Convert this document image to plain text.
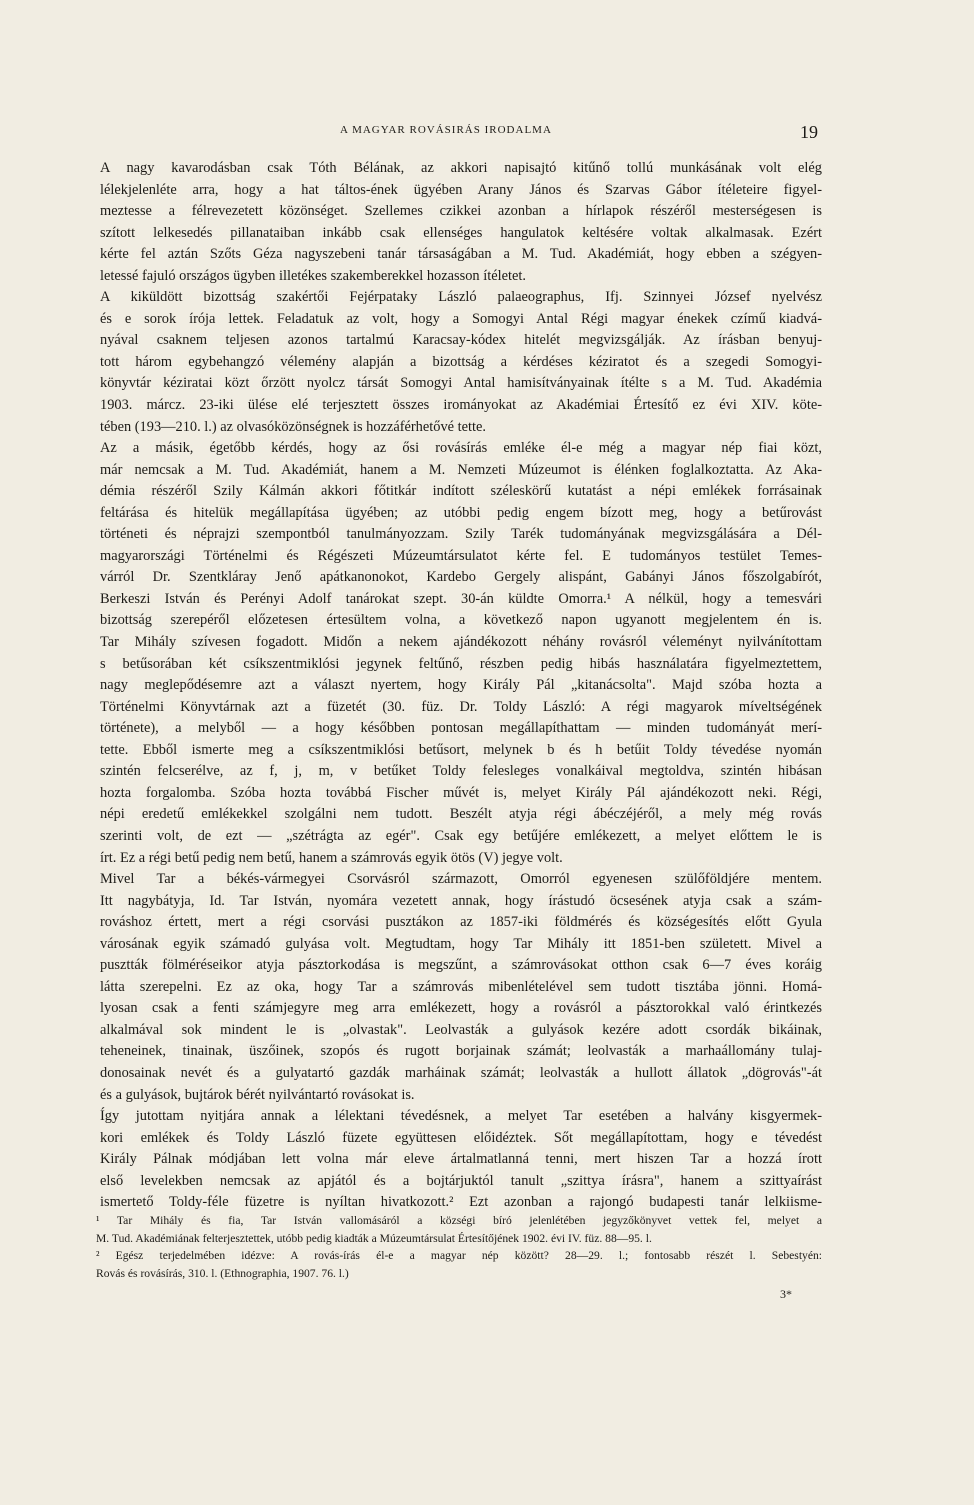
A MAGYAR ROVÁSIRÁS IRODALMA	19

A nagy kavarodásban csak Tóth Bélának, az akkori napisajtó kitűnő tollú munkásának volt elég
lélekjelenléte arra, hogy a hat táltos-ének ügyében Arany János és Szarvas Gábor ítéleteire figyel-
meztesse a félrevezetett közönséget. Szellemes czikkei azonban a hírlapok részéről mesterségesen is
szított lelkesedés pillanataiban inkább csak ellenséges hangulatok keltésére voltak alkalmasak. Ezért
kérte fel aztán Szőts Géza nagyszebeni tanár társaságában a M. Tud. Akadémiát, hogy ebben a szégyen-
letessé fajuló országos ügyben illetékes szakemberekkel hozasson ítéletet.

A kiküldött bizottság szakértői Fejérpataky László palaeographus, Ifj. Szinnyei József nyelvész
és e sorok írója lettek. Feladatuk az volt, hogy a Somogyi Antal Régi magyar énekek czímű kiadvá-
nyával csaknem teljesen azonos tartalmú Karacsay-kódex hitelét megvizsgálják. Az írásban benyuj-
tott három egybehangzó vélemény alapján a bizottság a kérdéses kéziratot és a szegedi Somogyi-
könyvtár kéziratai közt őrzött nyolcz társát Somogyi Antal hamisítványainak ítélte s a M. Tud. Akadémia
1903. márcz. 23-iki ülése elé terjesztett összes irományokat az Akadémiai Értesítő ez évi XIV. köte-
tében (193—210. l.) az olvasóközönségnek is hozzáférhetővé tette.

Az a másik, égetőbb kérdés, hogy az ősi rovásírás emléke él-e még a magyar nép fiai közt,
már nemcsak a M. Tud. Akadémiát, hanem a M. Nemzeti Múzeumot is élénken foglalkoztatta. Az Aka-
démia részéről Szily Kálmán akkori főtitkár indított széleskörű kutatást a népi emlékek forrásainak
feltárása és hitelük megállapítása ügyében; az utóbbi pedig engem bízott meg, hogy a betűrovást
történeti és néprajzi szempontból tanulmányozzam. Szily Tarék tudományának megvizsgálására a Dél-
magyarországi Történelmi és Régészeti Múzeumtársulatot kérte fel. E tudományos testület Temes-
várról Dr. Szentkláray Jenő apátkanonokot, Kardebo Gergely alispánt, Gabányi János főszolgabírót,
Berkeszi István és Perényi Adolf tanárokat szept. 30-án küldte Omorra.¹ A nélkül, hogy a temesvári
bizottság szerepéről előzetesen értesültem volna, a következő napon ugyanott megjelentem én is.
Tar Mihály szívesen fogadott. Midőn a nekem ajándékozott néhány rovásról véleményt nyilvánítottam
s betűsorában két csíkszentmiklósi jegynek feltűnő, részben pedig hibás használatára figyelmeztettem,
nagy meglepődésemre azt a választ nyertem, hogy Király Pál „kitanácsolta". Majd szóba hozta a
Történelmi Könyvtárnak azt a füzetét (30. füz. Dr. Toldy László: A régi magyarok míveltségének
története), a melyből — a hogy későbben pontosan megállapíthattam — minden tudományát merí-
tette. Ebből ismerte meg a csíkszentmiklósi betűsort, melynek b és h betűit Toldy tévedése nyomán
szintén felcserélve, az f, j, m, v betűket Toldy felesleges vonalkáival megtoldva, szintén hibásan
hozta forgalomba. Szóba hozta továbbá Fischer művét is, melyet Király Pál ajándékozott neki. Régi,
népi eredetű emlékekkel szolgálni nem tudott. Beszélt atyja régi ábéczéjéről, a mely még rovás
szerinti volt, de ezt — „szétrágta az egér". Csak egy betűjére emlékezett, a melyet előttem le is
írt. Ez a régi betű pedig nem betű, hanem a számrovás egyik ötös (V) jegye volt.

Mivel Tar a békés-vármegyei Csorvásról származott, Omorról egyenesen szülőföldjére mentem.
Itt nagybátyja, Id. Tar István, nyomára vezetett annak, hogy írástudó öcsesének atyja csak a szám-
rováshoz értett, mert a régi csorvási pusztákon az 1857-iki földmérés és községesítés előtt Gyula
városának egyik számadó gulyása volt. Megtudtam, hogy Tar Mihály itt 1851-ben született. Mivel a
pusztták fölméréseikor atyja pásztorkodása is megszűnt, a számrovásokat otthon csak 6—7 éves koráig
látta szerepelni. Ez az oka, hogy Tar a számrovás mibenlételével sem tudott tisztába jönni. Homá-
lyosan csak a fenti számjegyre meg arra emlékezett, hogy a rovásról a pásztorokkal való érintkezés
alkalmával sok mindent le is „olvastak". Leolvasták a gulyások kezére adott csordák bikáinak,
teheneinek, tinainak, üszőinek, szopós és rugott borjainak számát; leolvasták a marhaállomány tulaj-
donosainak nevét és a gulyatartó gazdák marháinak számát; leolvasták a hullott állatok „dögrovás"-át
és a gulyások, bujtárok bérét nyilvántartó rovásokat is.

Így jutottam nyitjára annak a lélektani tévedésnek, a melyet Tar esetében a halvány kisgyermek-
kori emlékek és Toldy László füzete együttesen előidéztek. Sőt megállapítottam, hogy e tévedést
Király Pálnak módjában lett volna már eleve ártalmatlanná tenni, mert hiszen Tar a hozzá írott
első levelekben nemcsak az apjától és a bojtárjuktól tanult „szittya írásra", hanem a szittyaírást
ismertető Toldy-féle füzetre is nyíltan hivatkozott.² Ezt azonban a rajongó budapesti tanár lelkiisme-

¹ Tar Mihály és fia, Tar István vallomásáról a községi bíró jelenlétében jegyzőkönyvet vettek fel, melyet a
M. Tud. Akadémiának felterjesztettek, utóbb pedig kiadták a Múzeumtársulat Értesítőjének 1902. évi IV. füz. 88—95. l.

² Egész terjedelmében idézve: A rovás-írás él-e a magyar nép között? 28—29. l.; fontosabb részét l. Sebestyén:
Rovás és rovásírás, 310. l. (Ethnographia, 1907. 76. l.)

3*
